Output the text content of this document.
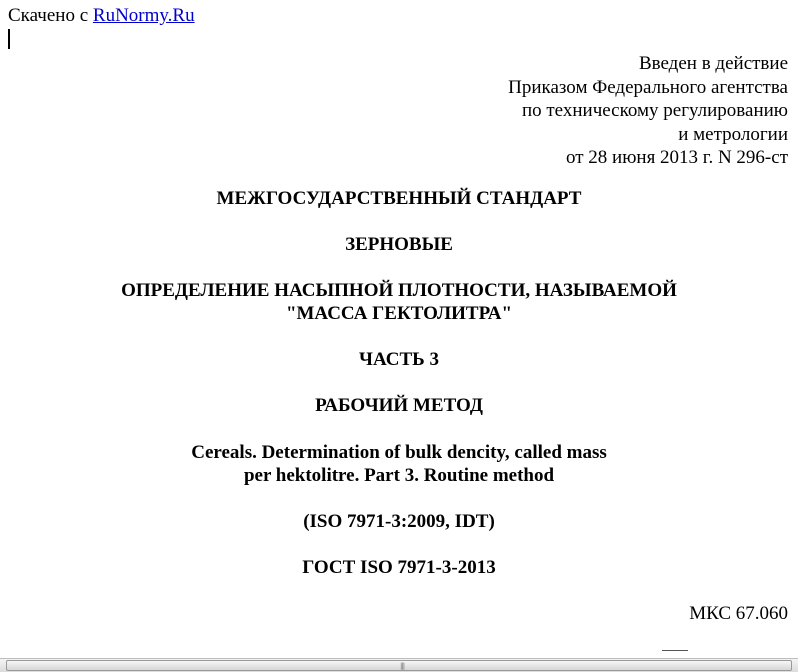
Скачено с RuNormy.Ru
Введен в действие
Приказом Федерального агентства
по техническому регулированию
и метрологии
от 28 июня 2013 г. N 296-ст
МЕЖГОСУДАРСТВЕННЫЙ СТАНДАРТ
ЗЕРНОВЫЕ
ОПРЕДЕЛЕНИЕ НАСЫПНОЙ ПЛОТНОСТИ, НАЗЫВАЕМОЙ
"МАССА ГЕКТОЛИТРА"
ЧАСТЬ 3
РАБОЧИЙ МЕТОД
Cereals. Determination of bulk dencity, called mass
per hektolitre. Part 3. Routine method
(ISO 7971-3:2009, IDT)
ГОСТ ISO 7971-3-2013
МКС 67.060
|||
